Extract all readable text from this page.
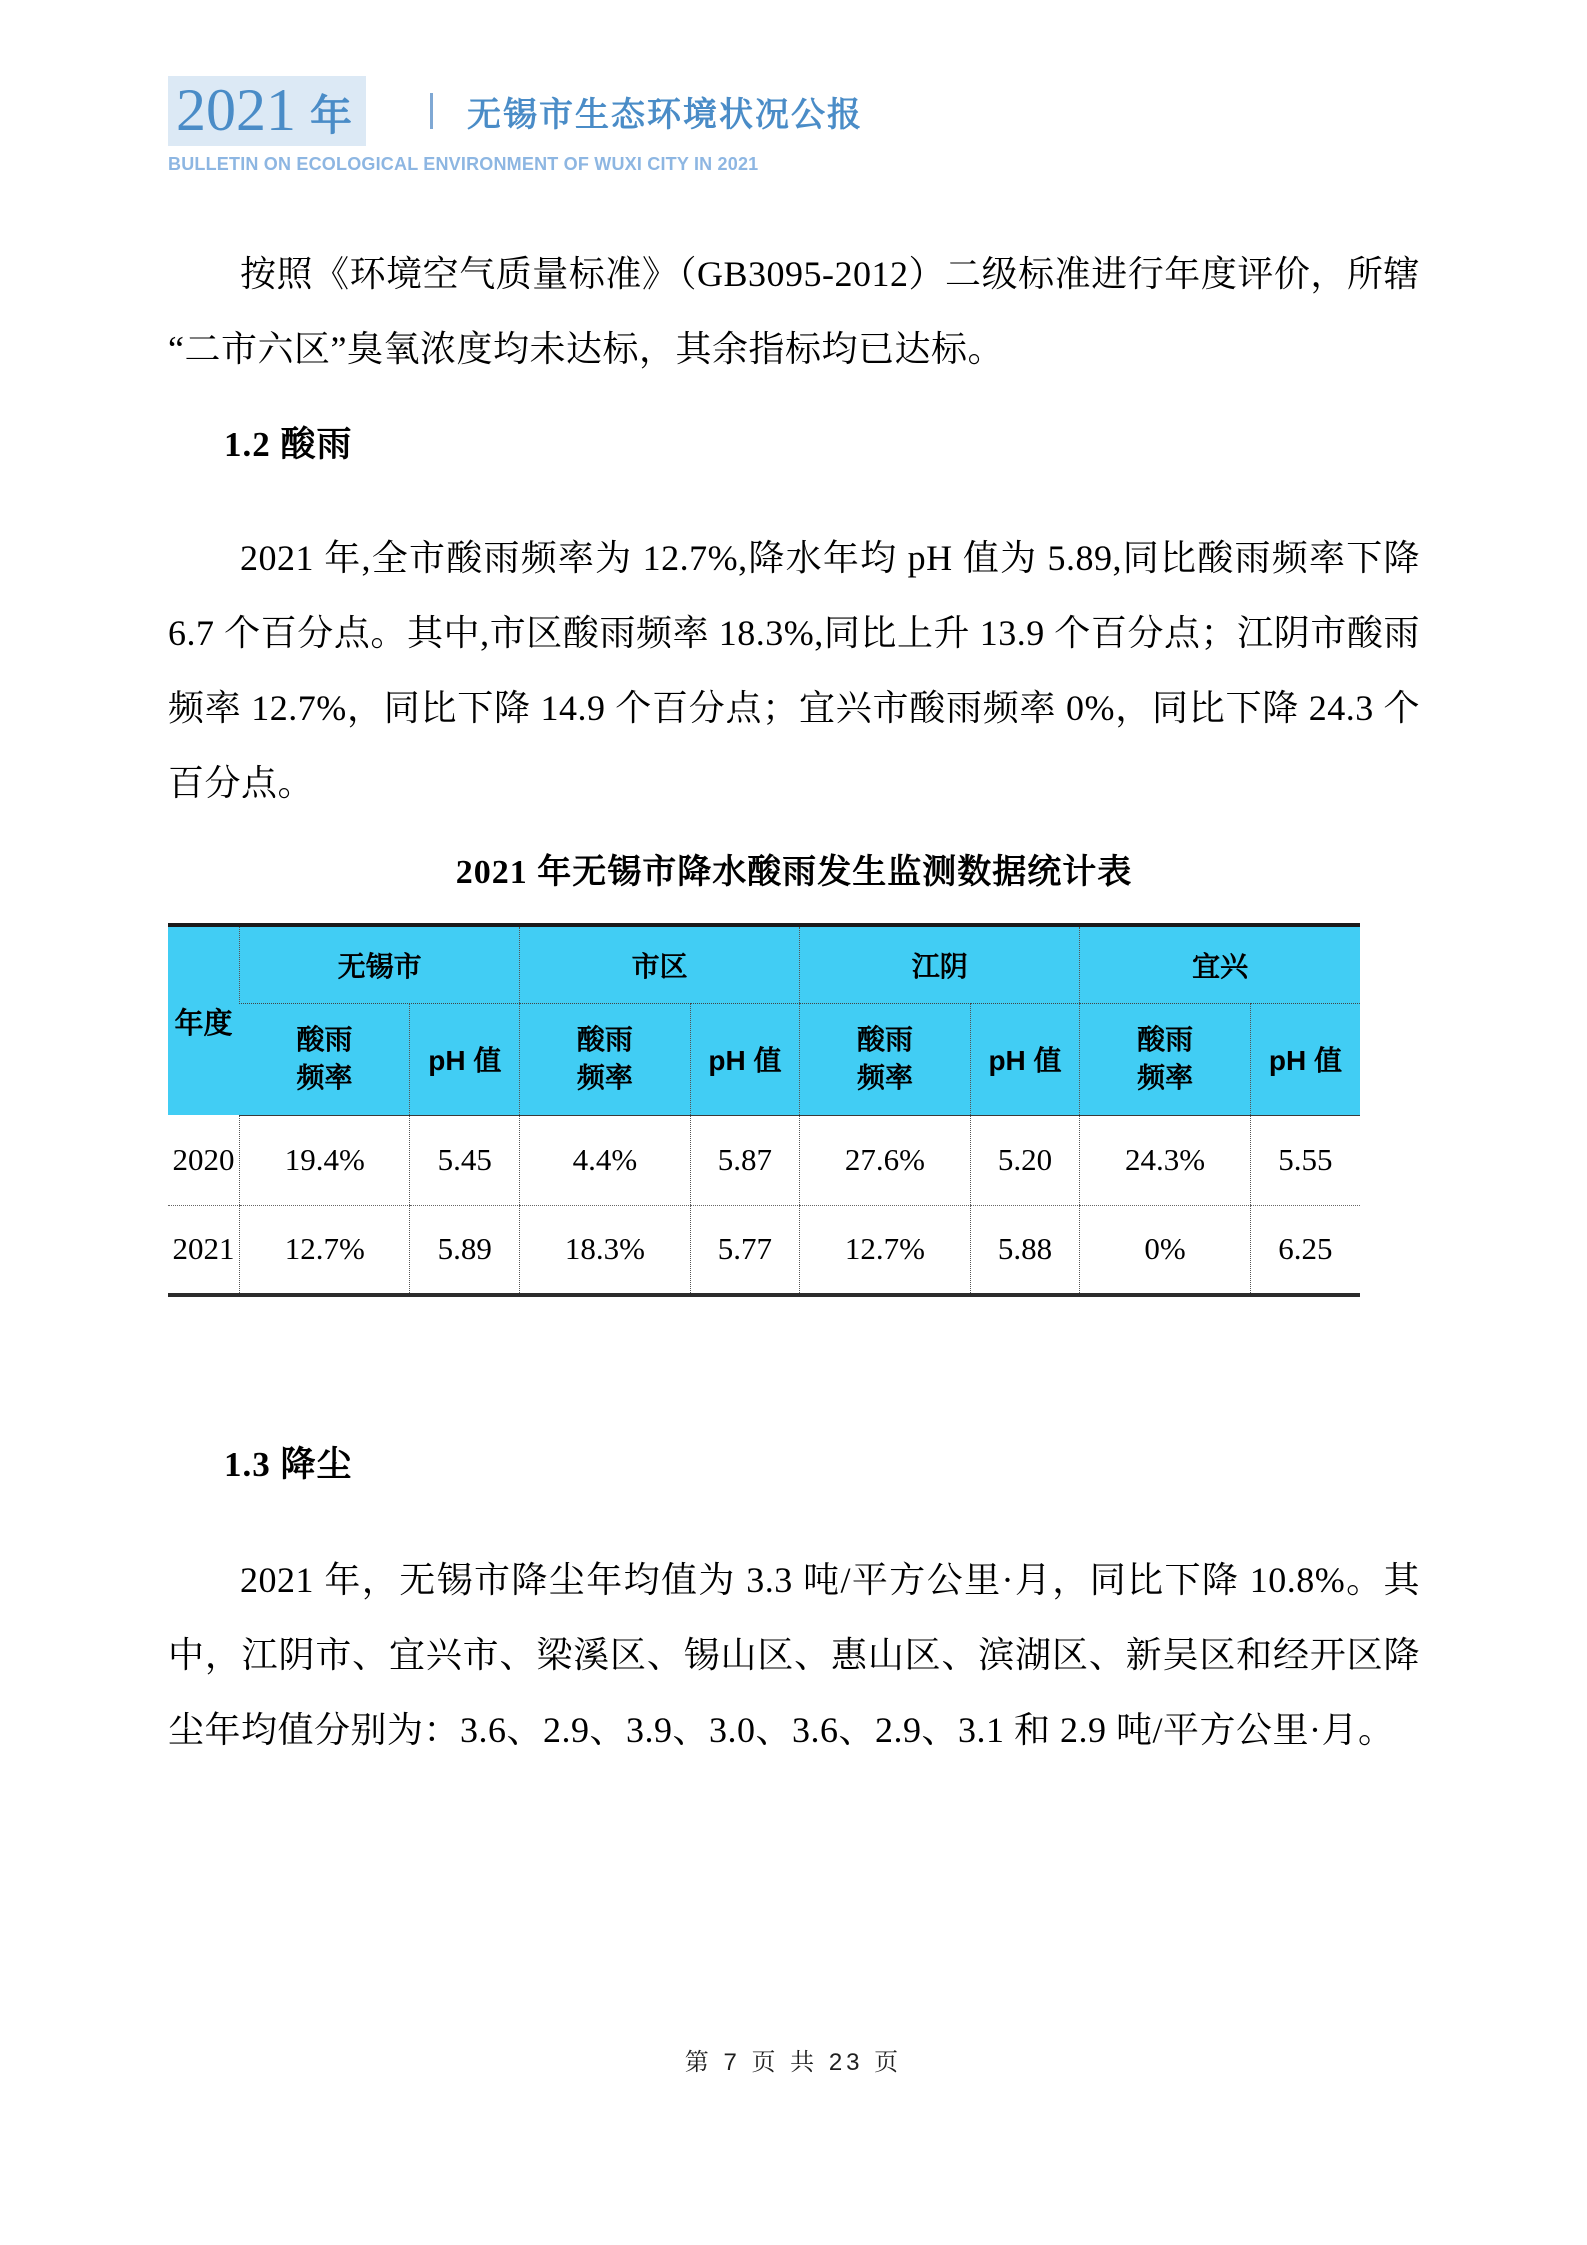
2021 年	无锡市生态环境状况公报
BULLETIN ON ECOLOGICAL ENVIRONMENT OF WUXI CITY IN 2021

按照《环境空气质量标准》（GB3095-2012）二级标准进行年度评价，所辖“二市六区”臭氧浓度均未达标，其余指标均已达标。

1.2 酸雨

2021 年,全市酸雨频率为 12.7%,降水年均 pH 值为 5.89,同比酸雨频率下降 6.7 个百分点。其中,市区酸雨频率 18.3%,同比上升 13.9 个百分点；江阴市酸雨频率 12.7%，同比下降 14.9 个百分点；宜兴市酸雨频率 0%，同比下降 24.3 个百分点。

2021 年无锡市降水酸雨发生监测数据统计表
年度	无锡市		市区		江阴		宜兴	
	酸雨频率	pH 值	酸雨频率	pH 值	酸雨频率	pH 值	酸雨频率	pH 值
2020	19.4%	5.45	4.4%	5.87	27.6%	5.20	24.3%	5.55
2021	12.7%	5.89	18.3%	5.77	12.7%	5.88	0%	6.25
1.3 降尘

2021 年，无锡市降尘年均值为 3.3 吨/平方公里·月，同比下降 10.8%。其中，江阴市、宜兴市、梁溪区、锡山区、惠山区、滨湖区、新吴区和经开区降尘年均值分别为：3.6、2.9、3.9、3.0、3.6、2.9、3.1 和 2.9 吨/平方公里·月。

第 7 页 共 23 页
